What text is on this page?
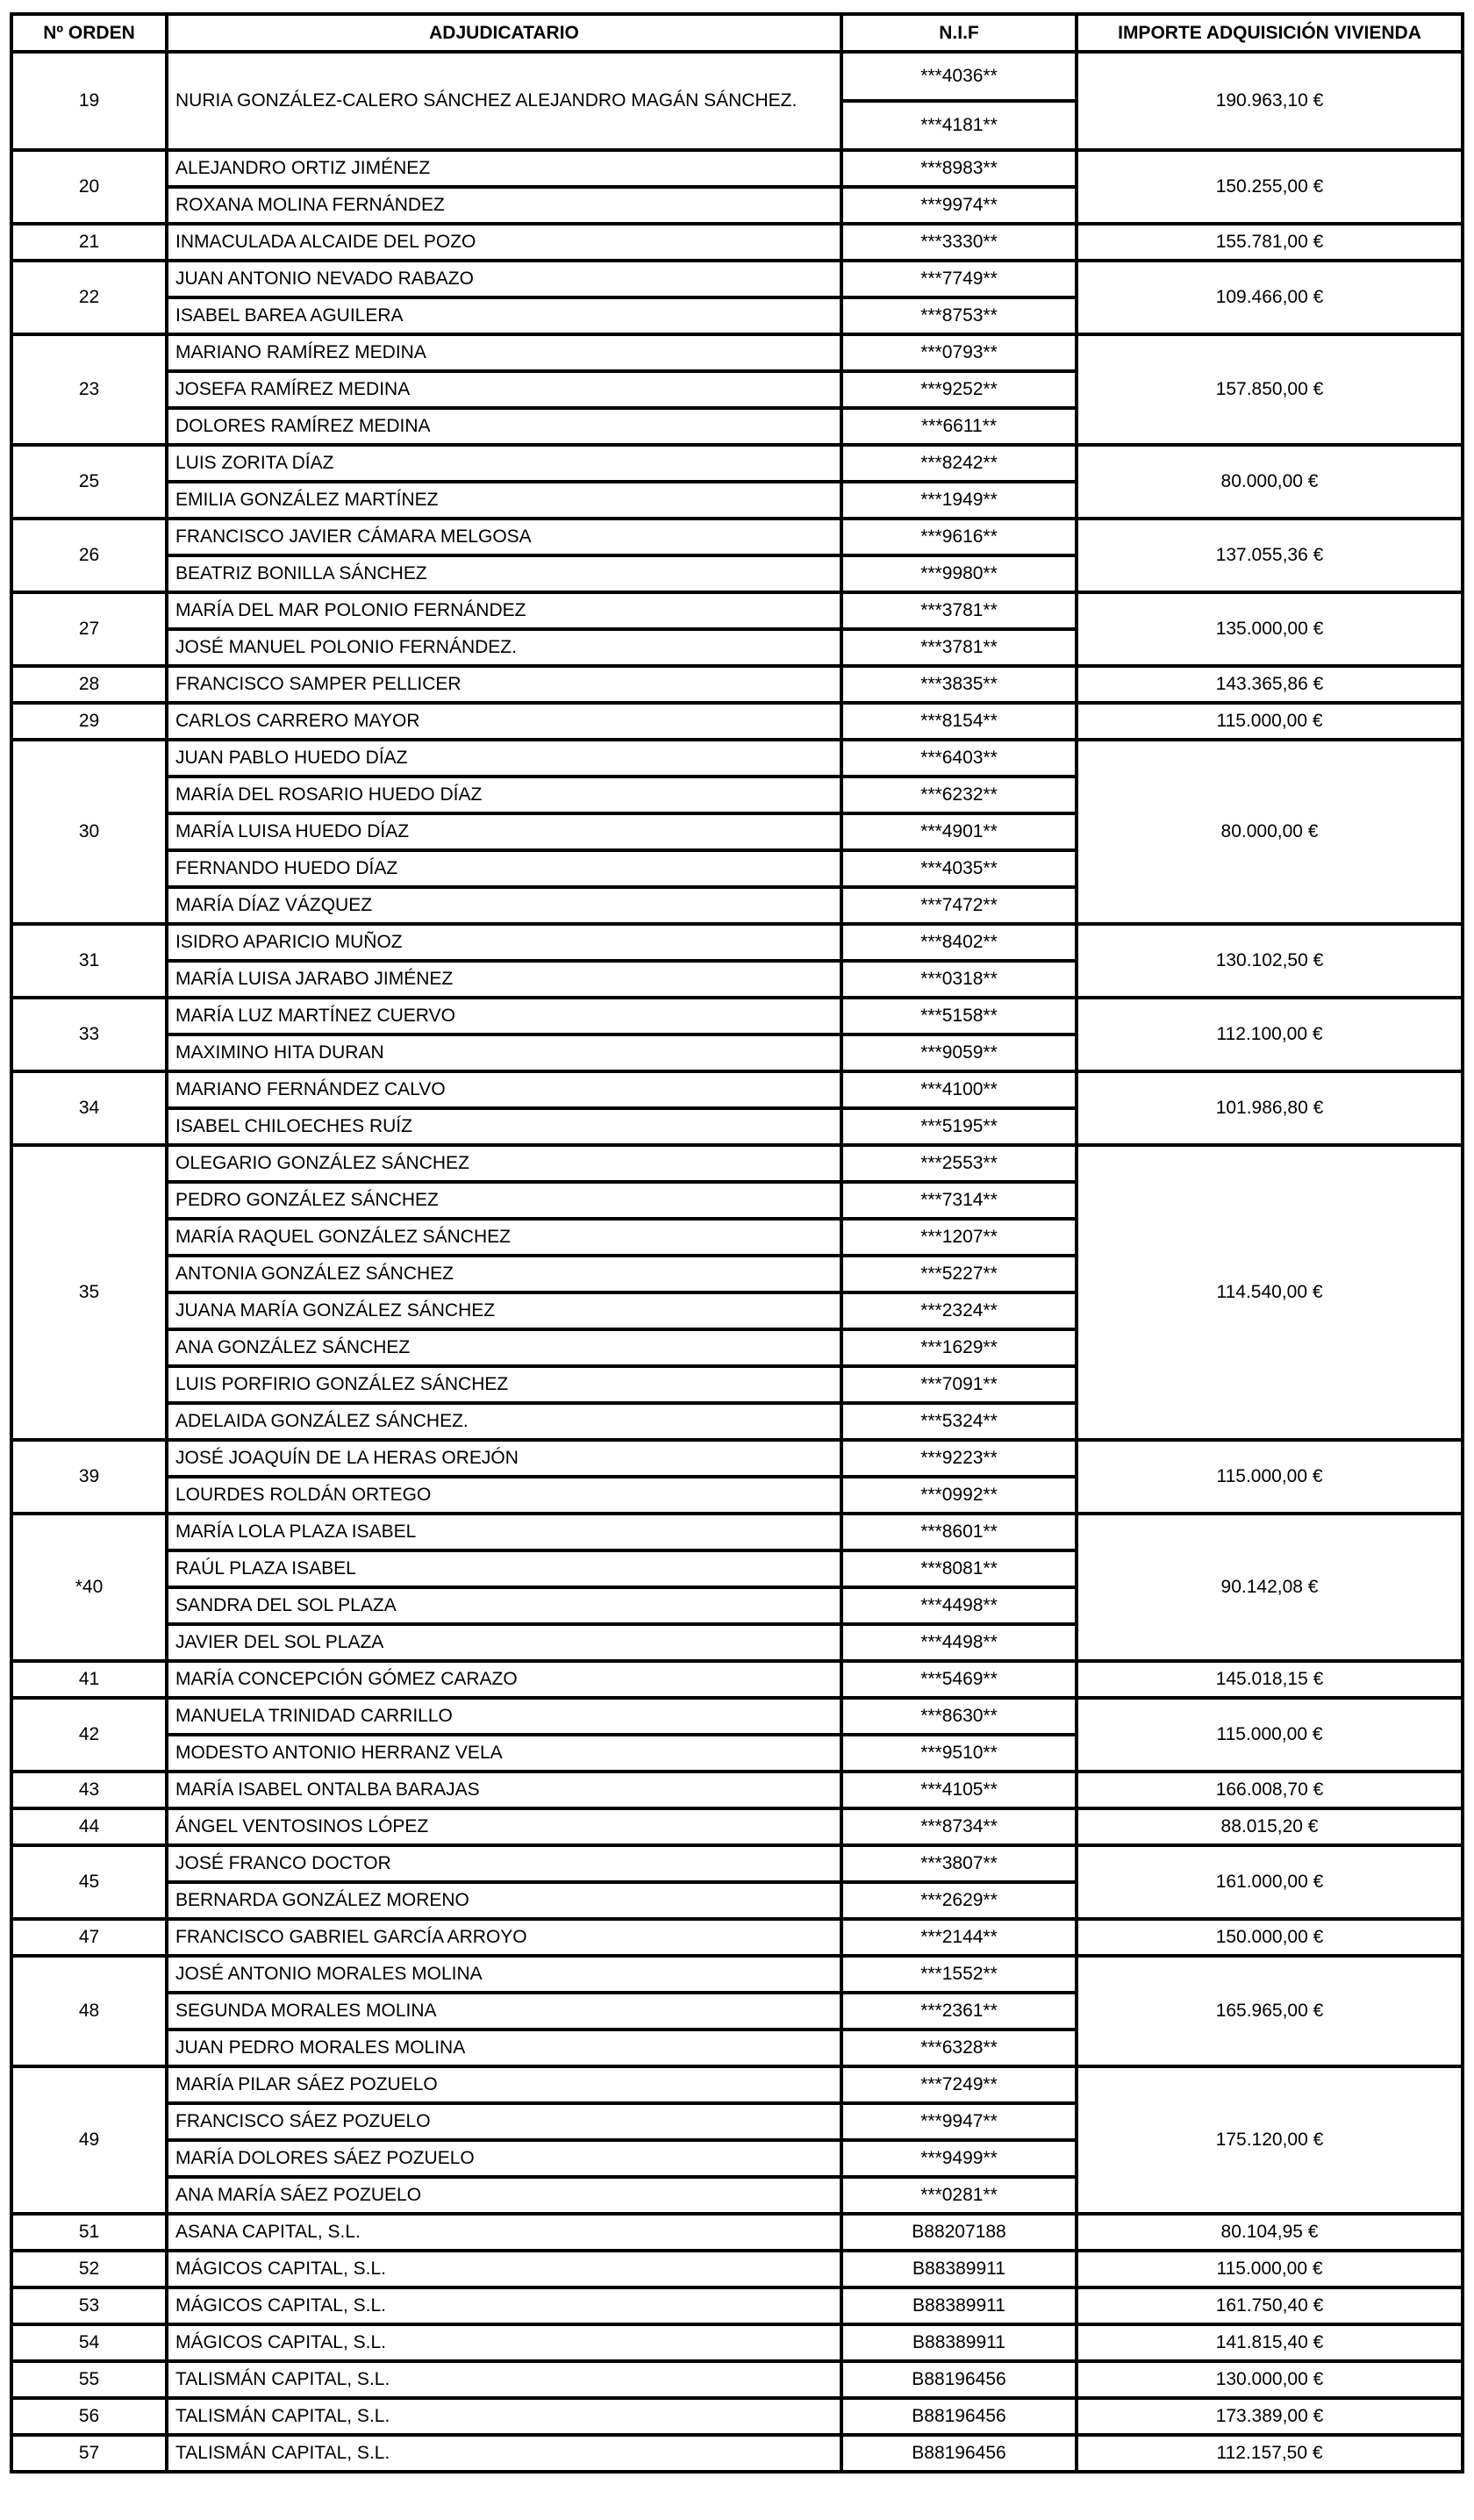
Nº ORDEN	ADJUDICATARIO	N.I.F	IMPORTE ADQUISICIÓN VIVIENDA
19	NURIA GONZÁLEZ-CALERO SÁNCHEZ ALEJANDRO MAGÁN SÁNCHEZ.	***4036**	190.963,10 €
		***4181**	
20	ALEJANDRO ORTIZ JIMÉNEZ	***8983**	150.255,00 €
	ROXANA MOLINA FERNÁNDEZ	***9974**	
21	INMACULADA ALCAIDE DEL POZO	***3330**	155.781,00 €
22	JUAN ANTONIO NEVADO RABAZO	***7749**	109.466,00 €
	ISABEL BAREA AGUILERA	***8753**	
23	MARIANO RAMÍREZ MEDINA	***0793**	157.850,00 €
	JOSEFA RAMÍREZ MEDINA	***9252**	
	DOLORES RAMÍREZ MEDINA	***6611**	
25	LUIS ZORITA DÍAZ	***8242**	80.000,00 €
	EMILIA GONZÁLEZ MARTÍNEZ	***1949**	
26	FRANCISCO JAVIER CÁMARA MELGOSA	***9616**	137.055,36 €
	BEATRIZ BONILLA SÁNCHEZ	***9980**	
27	MARÍA DEL MAR POLONIO FERNÁNDEZ	***3781**	135.000,00 €
	JOSÉ MANUEL POLONIO FERNÁNDEZ.	***3781**	
28	FRANCISCO SAMPER PELLICER	***3835**	143.365,86 €
29	CARLOS CARRERO MAYOR	***8154**	115.000,00 €
30	JUAN PABLO HUEDO DÍAZ	***6403**	80.000,00 €
	MARÍA DEL ROSARIO HUEDO DÍAZ	***6232**	
	MARÍA LUISA HUEDO DÍAZ	***4901**	
	FERNANDO HUEDO DÍAZ	***4035**	
	MARÍA DÍAZ VÁZQUEZ	***7472**	
31	ISIDRO APARICIO MUÑOZ	***8402**	130.102,50 €
	MARÍA LUISA JARABO JIMÉNEZ	***0318**	
33	MARÍA LUZ MARTÍNEZ CUERVO	***5158**	112.100,00 €
	MAXIMINO HITA DURAN	***9059**	
34	MARIANO FERNÁNDEZ CALVO	***4100**	101.986,80 €
	ISABEL CHILOECHES RUÍZ	***5195**	
35	OLEGARIO GONZÁLEZ SÁNCHEZ	***2553**	114.540,00 €
	PEDRO GONZÁLEZ SÁNCHEZ	***7314**	
	MARÍA RAQUEL GONZÁLEZ SÁNCHEZ	***1207**	
	ANTONIA GONZÁLEZ SÁNCHEZ	***5227**	
	JUANA MARÍA GONZÁLEZ SÁNCHEZ	***2324**	
	ANA GONZÁLEZ SÁNCHEZ	***1629**	
	LUIS PORFIRIO GONZÁLEZ SÁNCHEZ	***7091**	
	ADELAIDA GONZÁLEZ SÁNCHEZ.	***5324**	
39	JOSÉ JOAQUÍN DE LA HERAS OREJÓN	***9223**	115.000,00 €
	LOURDES ROLDÁN ORTEGO	***0992**	
*40	MARÍA LOLA PLAZA ISABEL	***8601**	90.142,08 €
	RAÚL PLAZA ISABEL	***8081**	
	SANDRA DEL SOL PLAZA	***4498**	
	JAVIER DEL SOL PLAZA	***4498**	
41	MARÍA CONCEPCIÓN GÓMEZ CARAZO	***5469**	145.018,15 €
42	MANUELA TRINIDAD CARRILLO	***8630**	115.000,00 €
	MODESTO ANTONIO HERRANZ VELA	***9510**	
43	MARÍA ISABEL ONTALBA BARAJAS	***4105**	166.008,70 €
44	ÁNGEL VENTOSINOS LÓPEZ	***8734**	88.015,20 €
45	JOSÉ FRANCO DOCTOR	***3807**	161.000,00 €
	BERNARDA GONZÁLEZ MORENO	***2629**	
47	FRANCISCO GABRIEL GARCÍA ARROYO	***2144**	150.000,00 €
48	JOSÉ ANTONIO MORALES MOLINA	***1552**	165.965,00 €
	SEGUNDA MORALES MOLINA	***2361**	
	JUAN PEDRO MORALES MOLINA	***6328**	
49	MARÍA PILAR SÁEZ POZUELO	***7249**	175.120,00 €
	FRANCISCO SÁEZ POZUELO	***9947**	
	MARÍA DOLORES SÁEZ POZUELO	***9499**	
	ANA MARÍA SÁEZ POZUELO	***0281**	
51	ASANA CAPITAL, S.L.	B88207188	80.104,95 €
52	MÁGICOS CAPITAL, S.L.	B88389911	115.000,00 €
53	MÁGICOS CAPITAL, S.L.	B88389911	161.750,40 €
54	MÁGICOS CAPITAL, S.L.	B88389911	141.815,40 €
55	TALISMÁN CAPITAL, S.L.	B88196456	130.000,00 €
56	TALISMÁN CAPITAL, S.L.	B88196456	173.389,00 €
57	TALISMÁN CAPITAL, S.L.	B88196456	112.157,50 €
